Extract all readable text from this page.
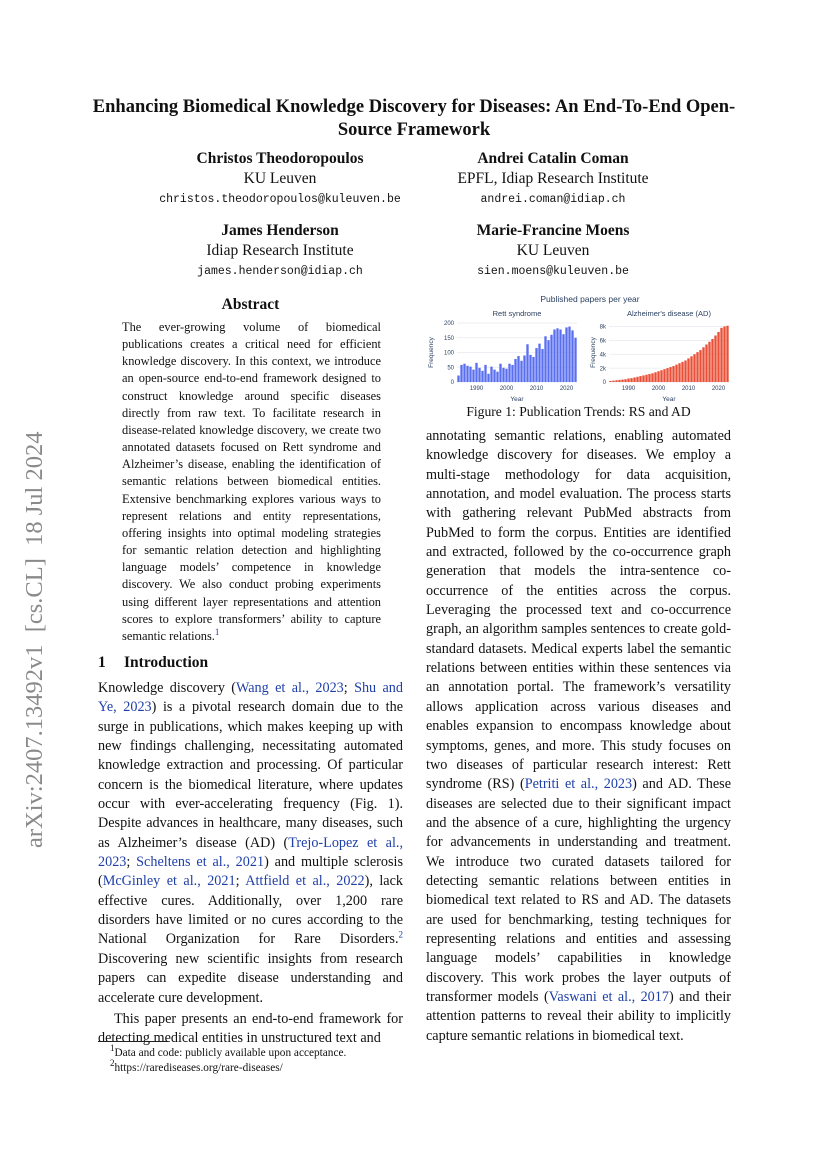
arXiv:2407.13492v1  [cs.CL]  18 Jul 2024
Enhancing Biomedical Knowledge Discovery for Diseases: An End-To-End Open-Source Framework
Christos Theodoropoulos
KU Leuven
christos.theodoropoulos@kuleuven.be
Andrei Catalin Coman
EPFL, Idiap Research Institute
andrei.coman@idiap.ch
James Henderson
Idiap Research Institute
james.henderson@idiap.ch
Marie-Francine Moens
KU Leuven
sien.moens@kuleuven.be
Abstract
The ever-growing volume of biomedical publications creates a critical need for efficient knowledge discovery. In this context, we introduce an open-source end-to-end framework designed to construct knowledge around specific diseases directly from raw text. To facilitate research in disease-related knowledge discovery, we create two annotated datasets focused on Rett syndrome and Alzheimer’s disease, enabling the identification of semantic relations between biomedical entities. Extensive benchmarking explores various ways to represent relations and entity representations, offering insights into optimal modeling strategies for semantic relation detection and highlighting language models’ competence in knowledge discovery. We also conduct probing experiments using different layer representations and attention scores to explore transformers’ ability to capture semantic relations.$^1$
1 Introduction
Knowledge discovery (Wang et al., 2023; Shu and Ye, 2023) is a pivotal research domain due to the surge in publications, which makes keeping up with new findings challenging, necessitating automated knowledge extraction and processing. Of particular concern is the biomedical literature, where updates occur with ever-accelerating frequency (Fig. 1). Despite advances in healthcare, many diseases, such as Alzheimer’s disease (AD) (Trejo-Lopez et al., 2023; Scheltens et al., 2021) and multiple sclerosis (McGinley et al., 2021; Attfield et al., 2022), lack effective cures. Additionally, over 1,200 rare disorders have limited or no cures according to the National Organization for Rare Disorders.$^2$ Discovering new scientific insights from research papers can expedite disease understanding and accelerate cure development.
This paper presents an end-to-end framework for detecting medical entities in unstructured text and
$^1$Data and code: publicly available upon acceptance.
$^2$https://rarediseases.org/rare-diseases/
Published papers per year
Rett syndrome
0
50
100
150
200
1990	2000	2010	2020
Year
Frequency
Alzheimer's disease (AD)
0
2k
4k
6k
8k
1990	2000	2010	2020
Year
Frequency
Figure 1: Publication Trends: RS and AD
annotating semantic relations, enabling automated knowledge discovery for diseases. We employ a multi-stage methodology for data acquisition, annotation, and model evaluation. The process starts with gathering relevant PubMed abstracts from PubMed to form the corpus. Entities are identified and extracted, followed by the co-occurrence graph generation that models the intra-sentence co-occurrence of the entities across the corpus. Leveraging the processed text and co-occurrence graph, an algorithm samples sentences to create gold-standard datasets. Medical experts label the semantic relations between entities within these sentences via an annotation portal. The framework’s versatility allows application across various diseases and enables expansion to encompass knowledge about symptoms, genes, and more. This study focuses on two diseases of particular research interest: Rett syndrome (RS) (Petriti et al., 2023) and AD. These diseases are selected due to their significant impact and the absence of a cure, highlighting the urgency for advancements in understanding and treatment. We introduce two curated datasets tailored for detecting semantic relations between entities in biomedical text related to RS and AD. The datasets are used for benchmarking, testing techniques for representing relations and entities and assessing language models’ capabilities in knowledge discovery. This work probes the layer outputs of transformer models (Vaswani et al., 2017) and their attention patterns to reveal their ability to implicitly capture semantic relations in biomedical text.
